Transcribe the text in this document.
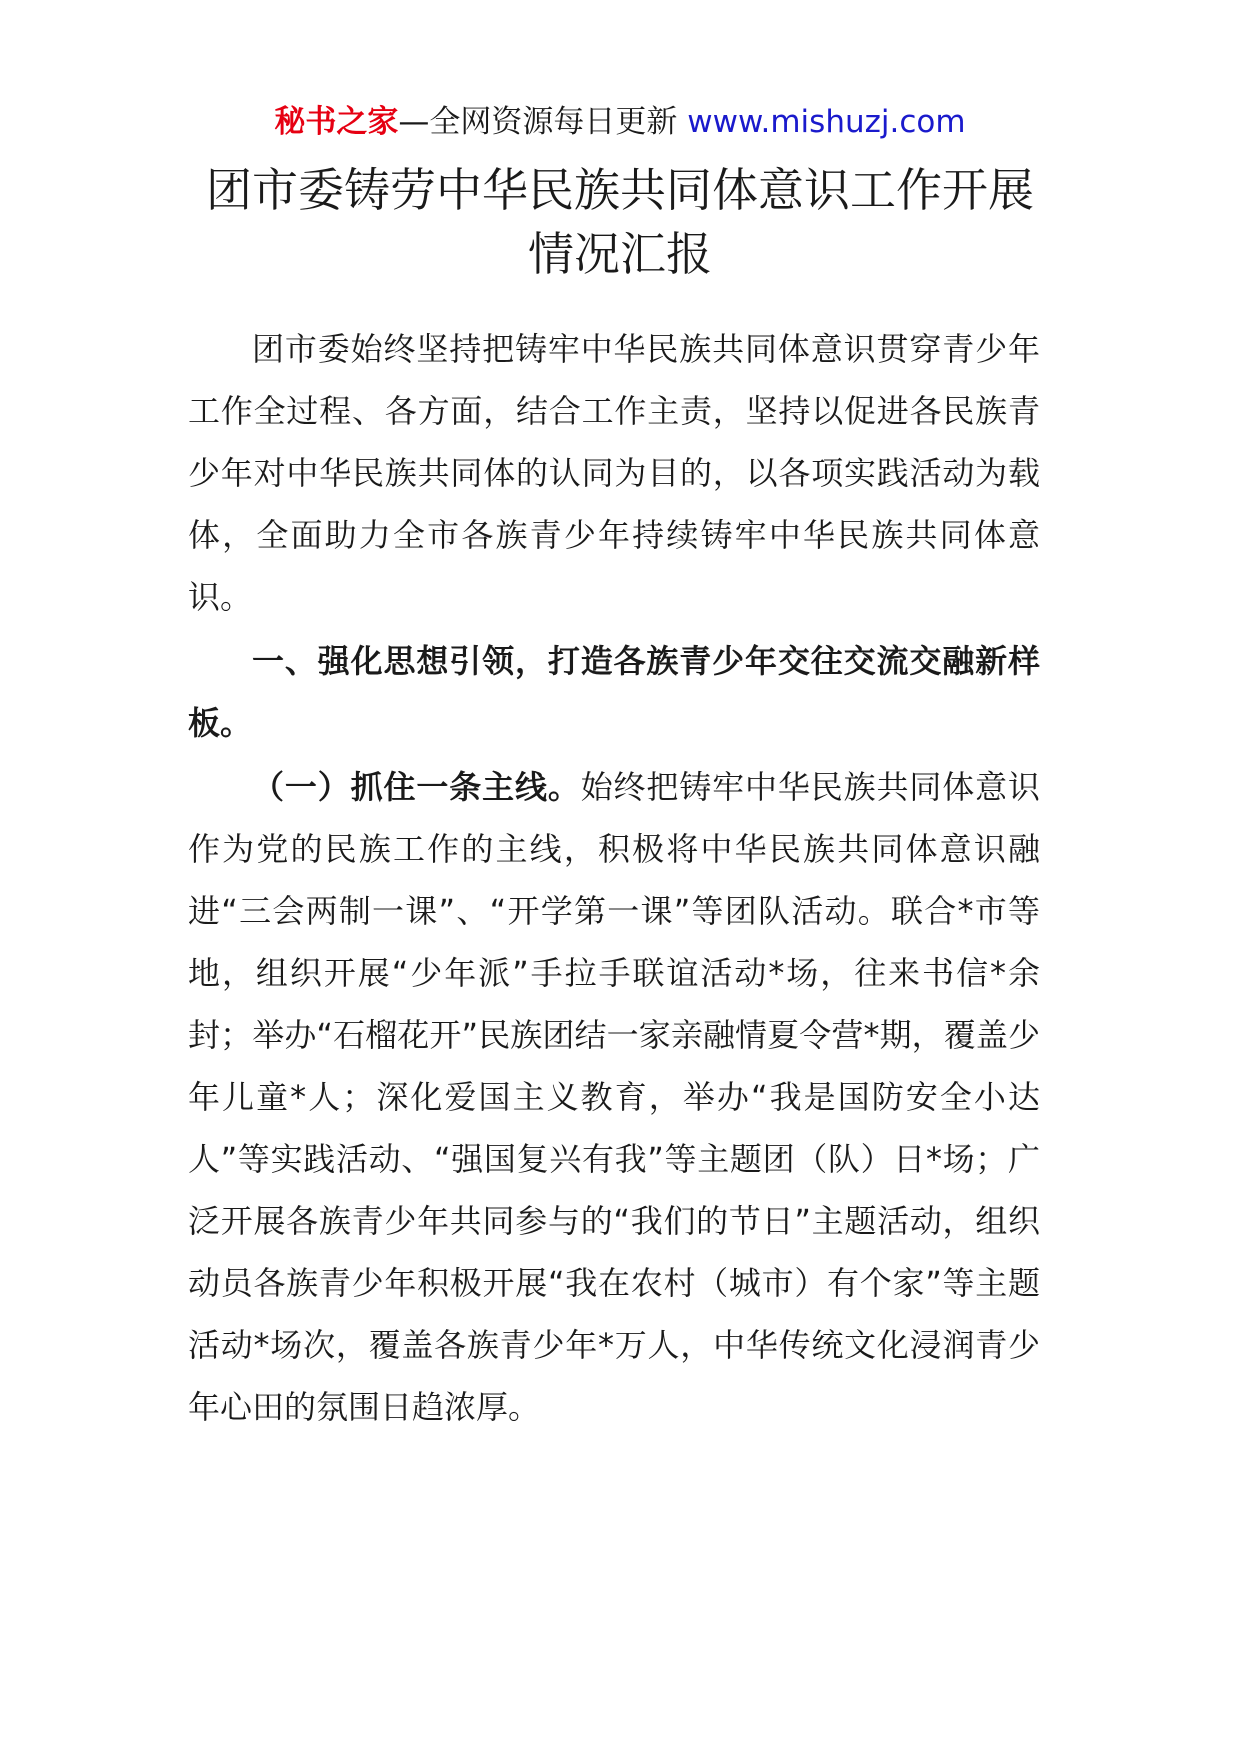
秘书之家—全网资源每日更新 www.mishuzj.com
团市委铸劳中华民族共同体意识工作开展情况汇报

团市委始终坚持把铸牢中华民族共同体意识贯穿青少年工作全过程、各方面，结合工作主责，坚持以促进各民族青少年对中华民族共同体的认同为目的，以各项实践活动为载体，全面助力全市各族青少年持续铸牢中华民族共同体意识。

一、强化思想引领，打造各族青少年交往交流交融新样板。

（一）抓住一条主线。始终把铸牢中华民族共同体意识作为党的民族工作的主线，积极将中华民族共同体意识融进“三会两制一课”、“开学第一课”等团队活动。联合*市等地，组织开展“少年派”手拉手联谊活动*场，往来书信*余封；举办“石榴花开”民族团结一家亲融情夏令营*期，覆盖少年儿童*人；深化爱国主义教育，举办“我是国防安全小达人”等实践活动、“强国复兴有我”等主题团（队）日*场；广泛开展各族青少年共同参与的“我们的节日”主题活动，组织动员各族青少年积极开展“我在农村（城市）有个家”等主题活动*场次，覆盖各族青少年*万人，中华传统文化浸润青少年心田的氛围日趋浓厚。
